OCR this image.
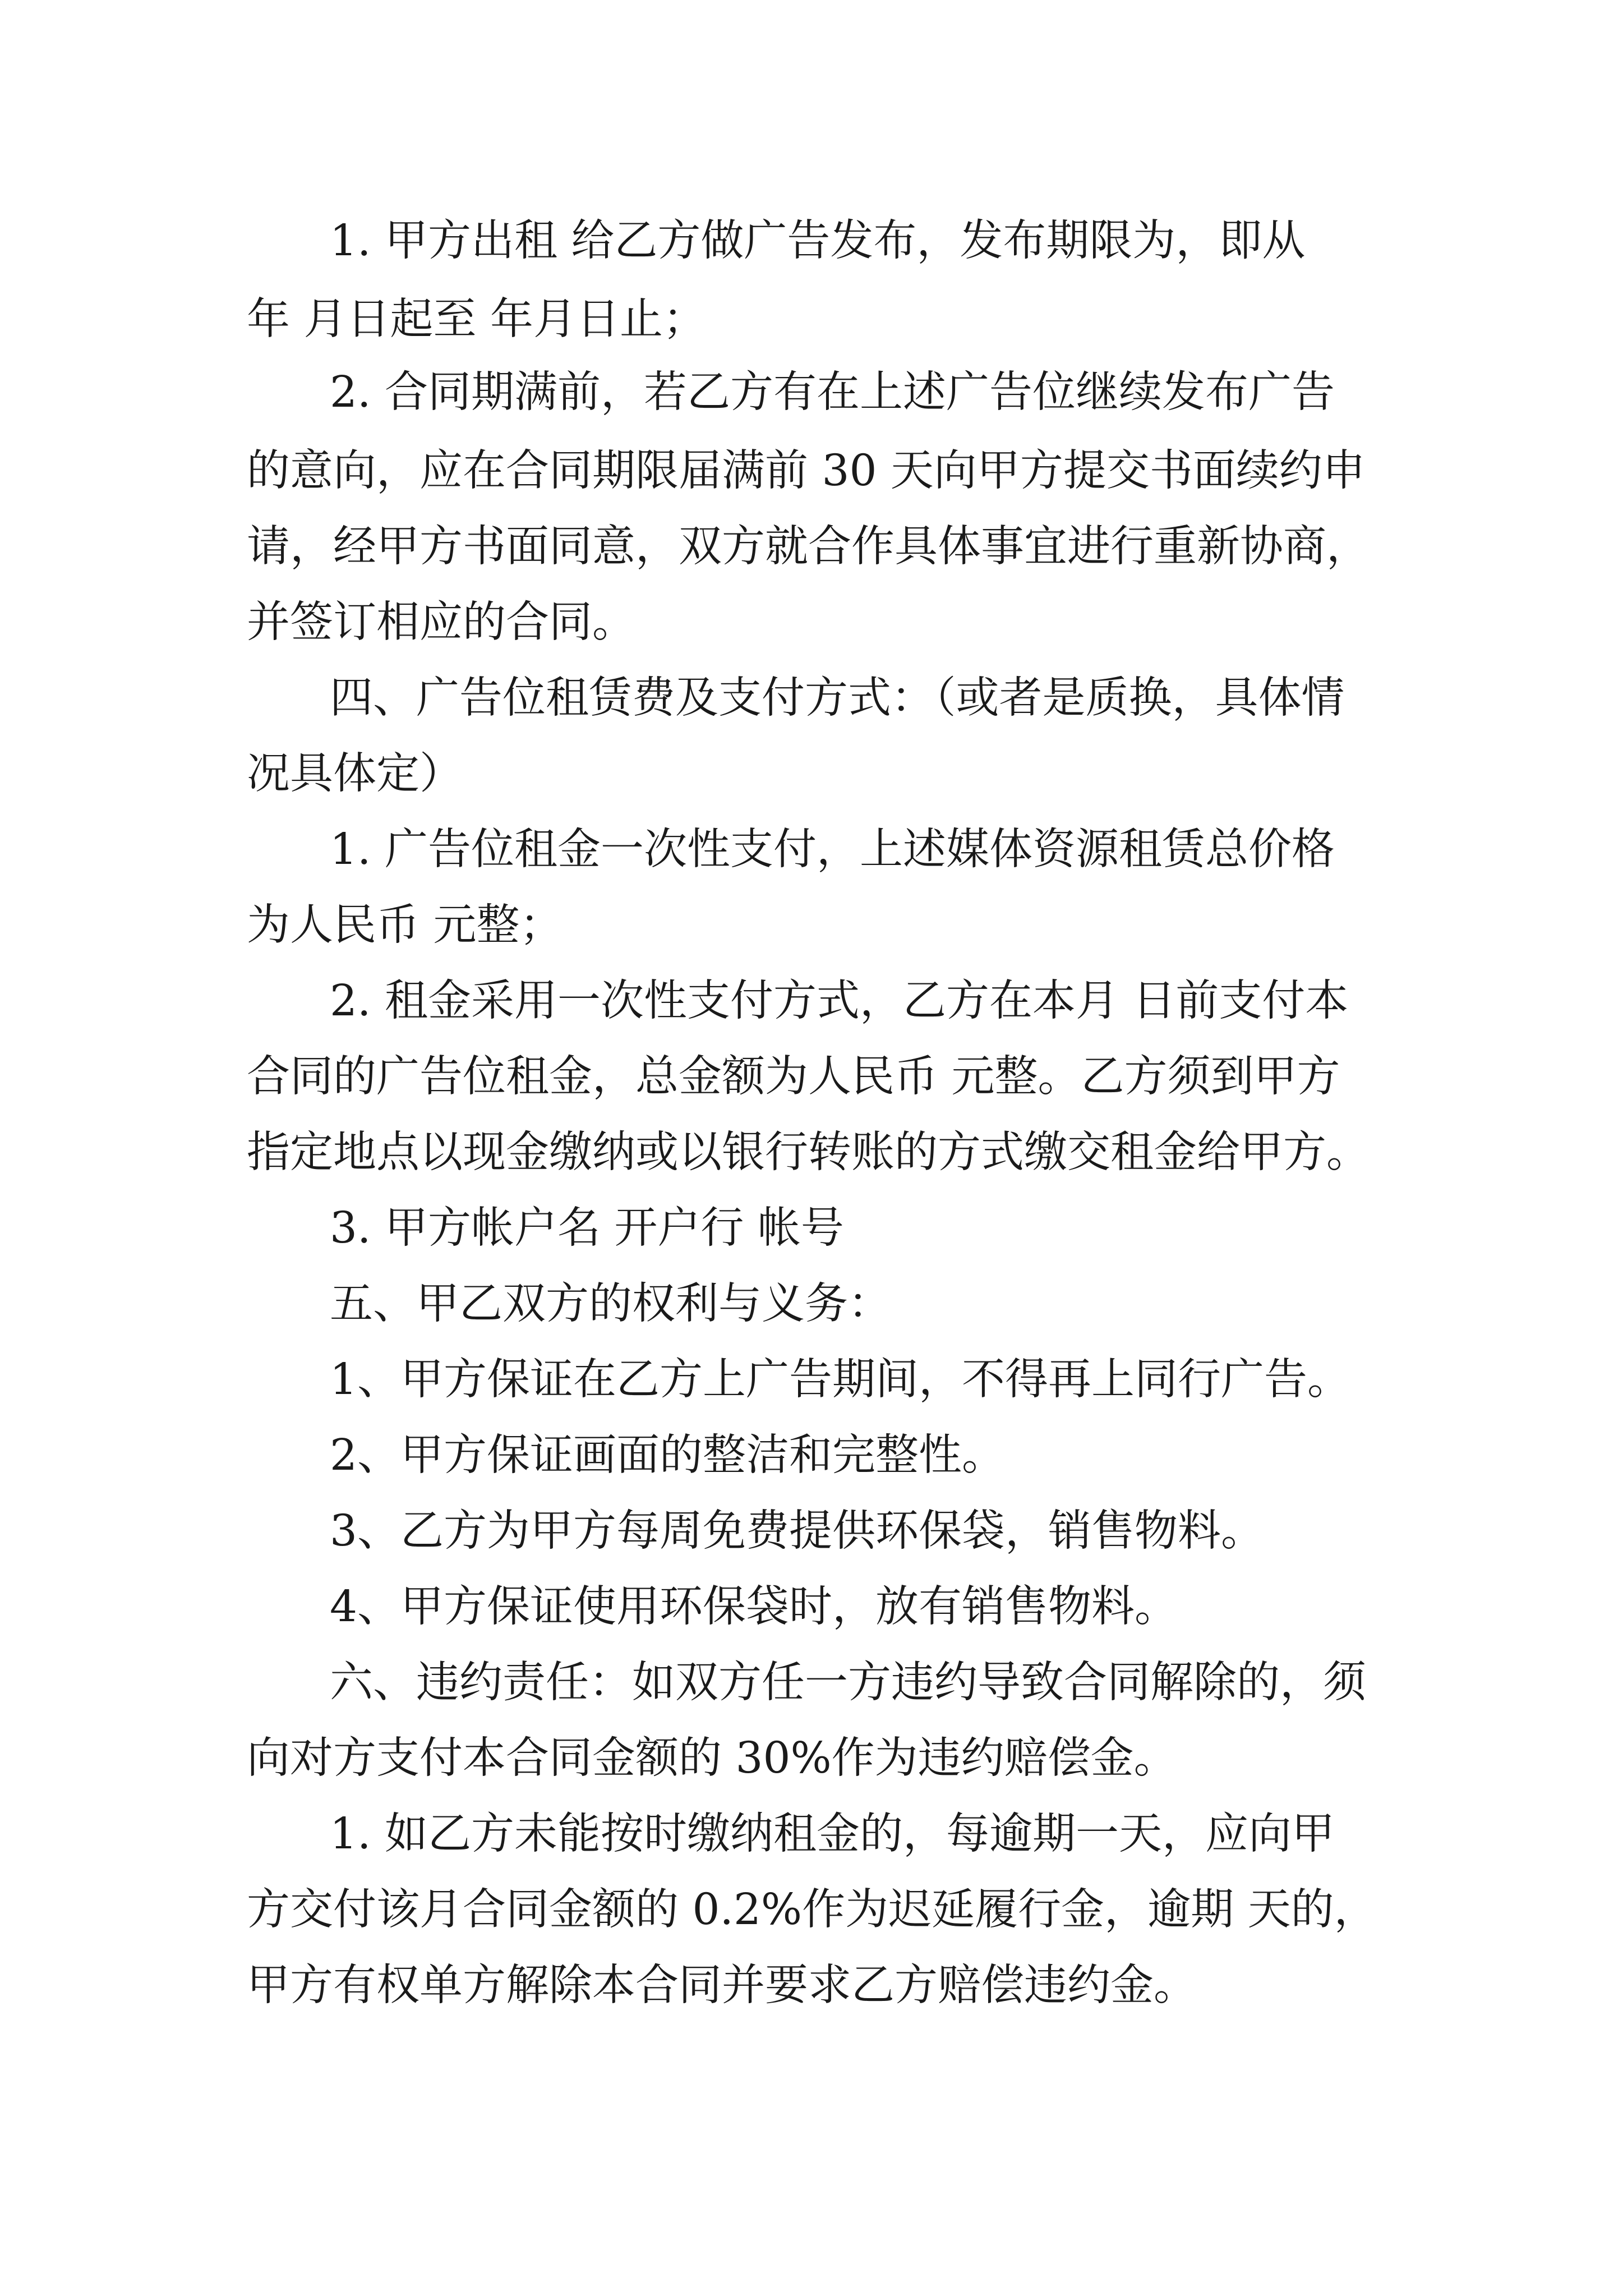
1. 甲方出租 给乙方做广告发布，发布期限为，即从

年 月日起至 年月日止；

2. 合同期满前，若乙方有在上述广告位继续发布广告

的意向，应在合同期限届满前 30 天向甲方提交书面续约申

请，经甲方书面同意，双方就合作具体事宜进行重新协商，

并签订相应的合同。

四、广告位租赁费及支付方式：（或者是质换，具体情

况具体定）

1. 广告位租金一次性支付，上述媒体资源租赁总价格

为人民币 元整；

2. 租金采用一次性支付方式，乙方在本月 日前支付本

合同的广告位租金，总金额为人民币 元整。乙方须到甲方

指定地点以现金缴纳或以银行转账的方式缴交租金给甲方。

3. 甲方帐户名 开户行 帐号

五、甲乙双方的权利与义务：

1、甲方保证在乙方上广告期间，不得再上同行广告。

2、甲方保证画面的整洁和完整性。

3、乙方为甲方每周免费提供环保袋，销售物料。

4、甲方保证使用环保袋时，放有销售物料。

六、违约责任：如双方任一方违约导致合同解除的，须

向对方支付本合同金额的 30%作为违约赔偿金。

1. 如乙方未能按时缴纳租金的，每逾期一天，应向甲

方交付该月合同金额的 0.2%作为迟延履行金，逾期 天的，

甲方有权单方解除本合同并要求乙方赔偿违约金。
